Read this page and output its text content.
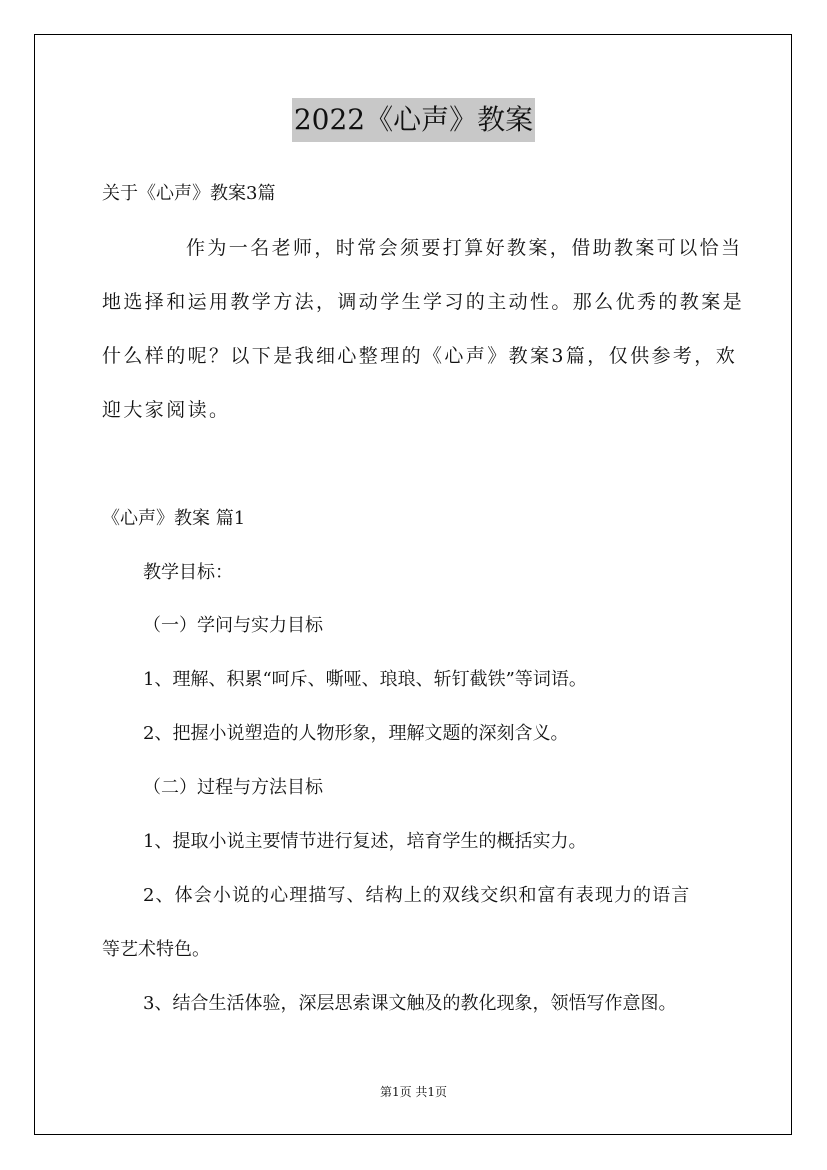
2022《心声》教案
关于《心声》教案3篇
作为一名老师，时常会须要打算好教案，借助教案可以恰当
地选择和运用教学方法，调动学生学习的主动性。那么优秀的教案是
什么样的呢？以下是我细心整理的《心声》教案3篇，仅供参考，欢
迎大家阅读。
《心声》教案 篇1
教学目标：
（一）学问与实力目标
1、理解、积累“呵斥、嘶哑、琅琅、斩钉截铁”等词语。
2、把握小说塑造的人物形象，理解文题的深刻含义。
（二）过程与方法目标
1、提取小说主要情节进行复述，培育学生的概括实力。
2、体会小说的心理描写、结构上的双线交织和富有表现力的语言
等艺术特色。
3、结合生活体验，深层思索课文触及的教化现象，领悟写作意图。
第1页 共1页
